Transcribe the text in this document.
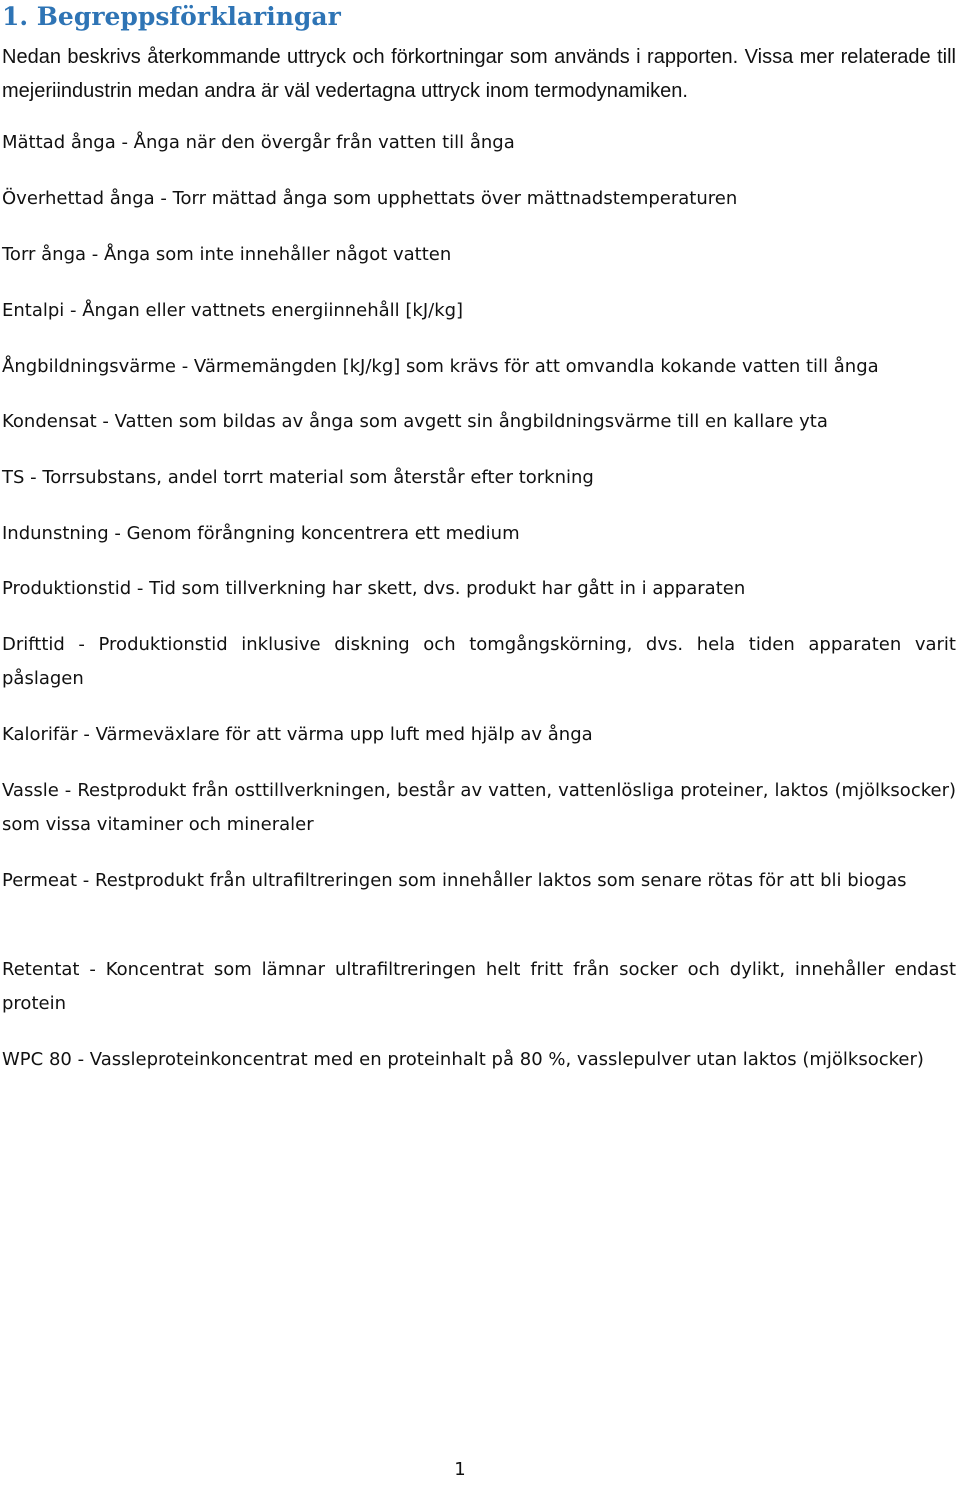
1. Begreppsförklaringar
Nedan beskrivs återkommande uttryck och förkortningar som används i rapporten. Vissa mer relaterade till mejeriindustrin medan andra är väl vedertagna uttryck inom termodynamiken.
Mättad ånga - Ånga när den övergår från vatten till ånga
Överhettad ånga - Torr mättad ånga som upphettats över mättnadstemperaturen
Torr ånga - Ånga som inte innehåller något vatten
Entalpi - Ångan eller vattnets energiinnehåll [kJ/kg]
Ångbildningsvärme - Värmemängden [kJ/kg] som krävs för att omvandla kokande vatten till ånga
Kondensat - Vatten som bildas av ånga som avgett sin ångbildningsvärme till en kallare yta
TS - Torrsubstans, andel torrt material som återstår efter torkning
Indunstning - Genom förångning koncentrera ett medium
Produktionstid - Tid som tillverkning har skett, dvs. produkt har gått in i apparaten
Drifttid - Produktionstid inklusive diskning och tomgångskörning, dvs. hela tiden apparaten varit påslagen
Kalorifär - Värmeväxlare för att värma upp luft med hjälp av ånga
Vassle - Restprodukt från osttillverkningen, består av vatten, vattenlösliga proteiner, laktos (mjölksocker) som vissa vitaminer och mineraler
Permeat - Restprodukt från ultrafiltreringen som innehåller laktos som senare rötas för att bli biogas
Retentat - Koncentrat som lämnar ultrafiltreringen helt fritt från socker och dylikt, innehåller endast protein
WPC 80 - Vassleproteinkoncentrat med en proteinhalt på 80 %, vasslepulver utan laktos (mjölksocker)
1
